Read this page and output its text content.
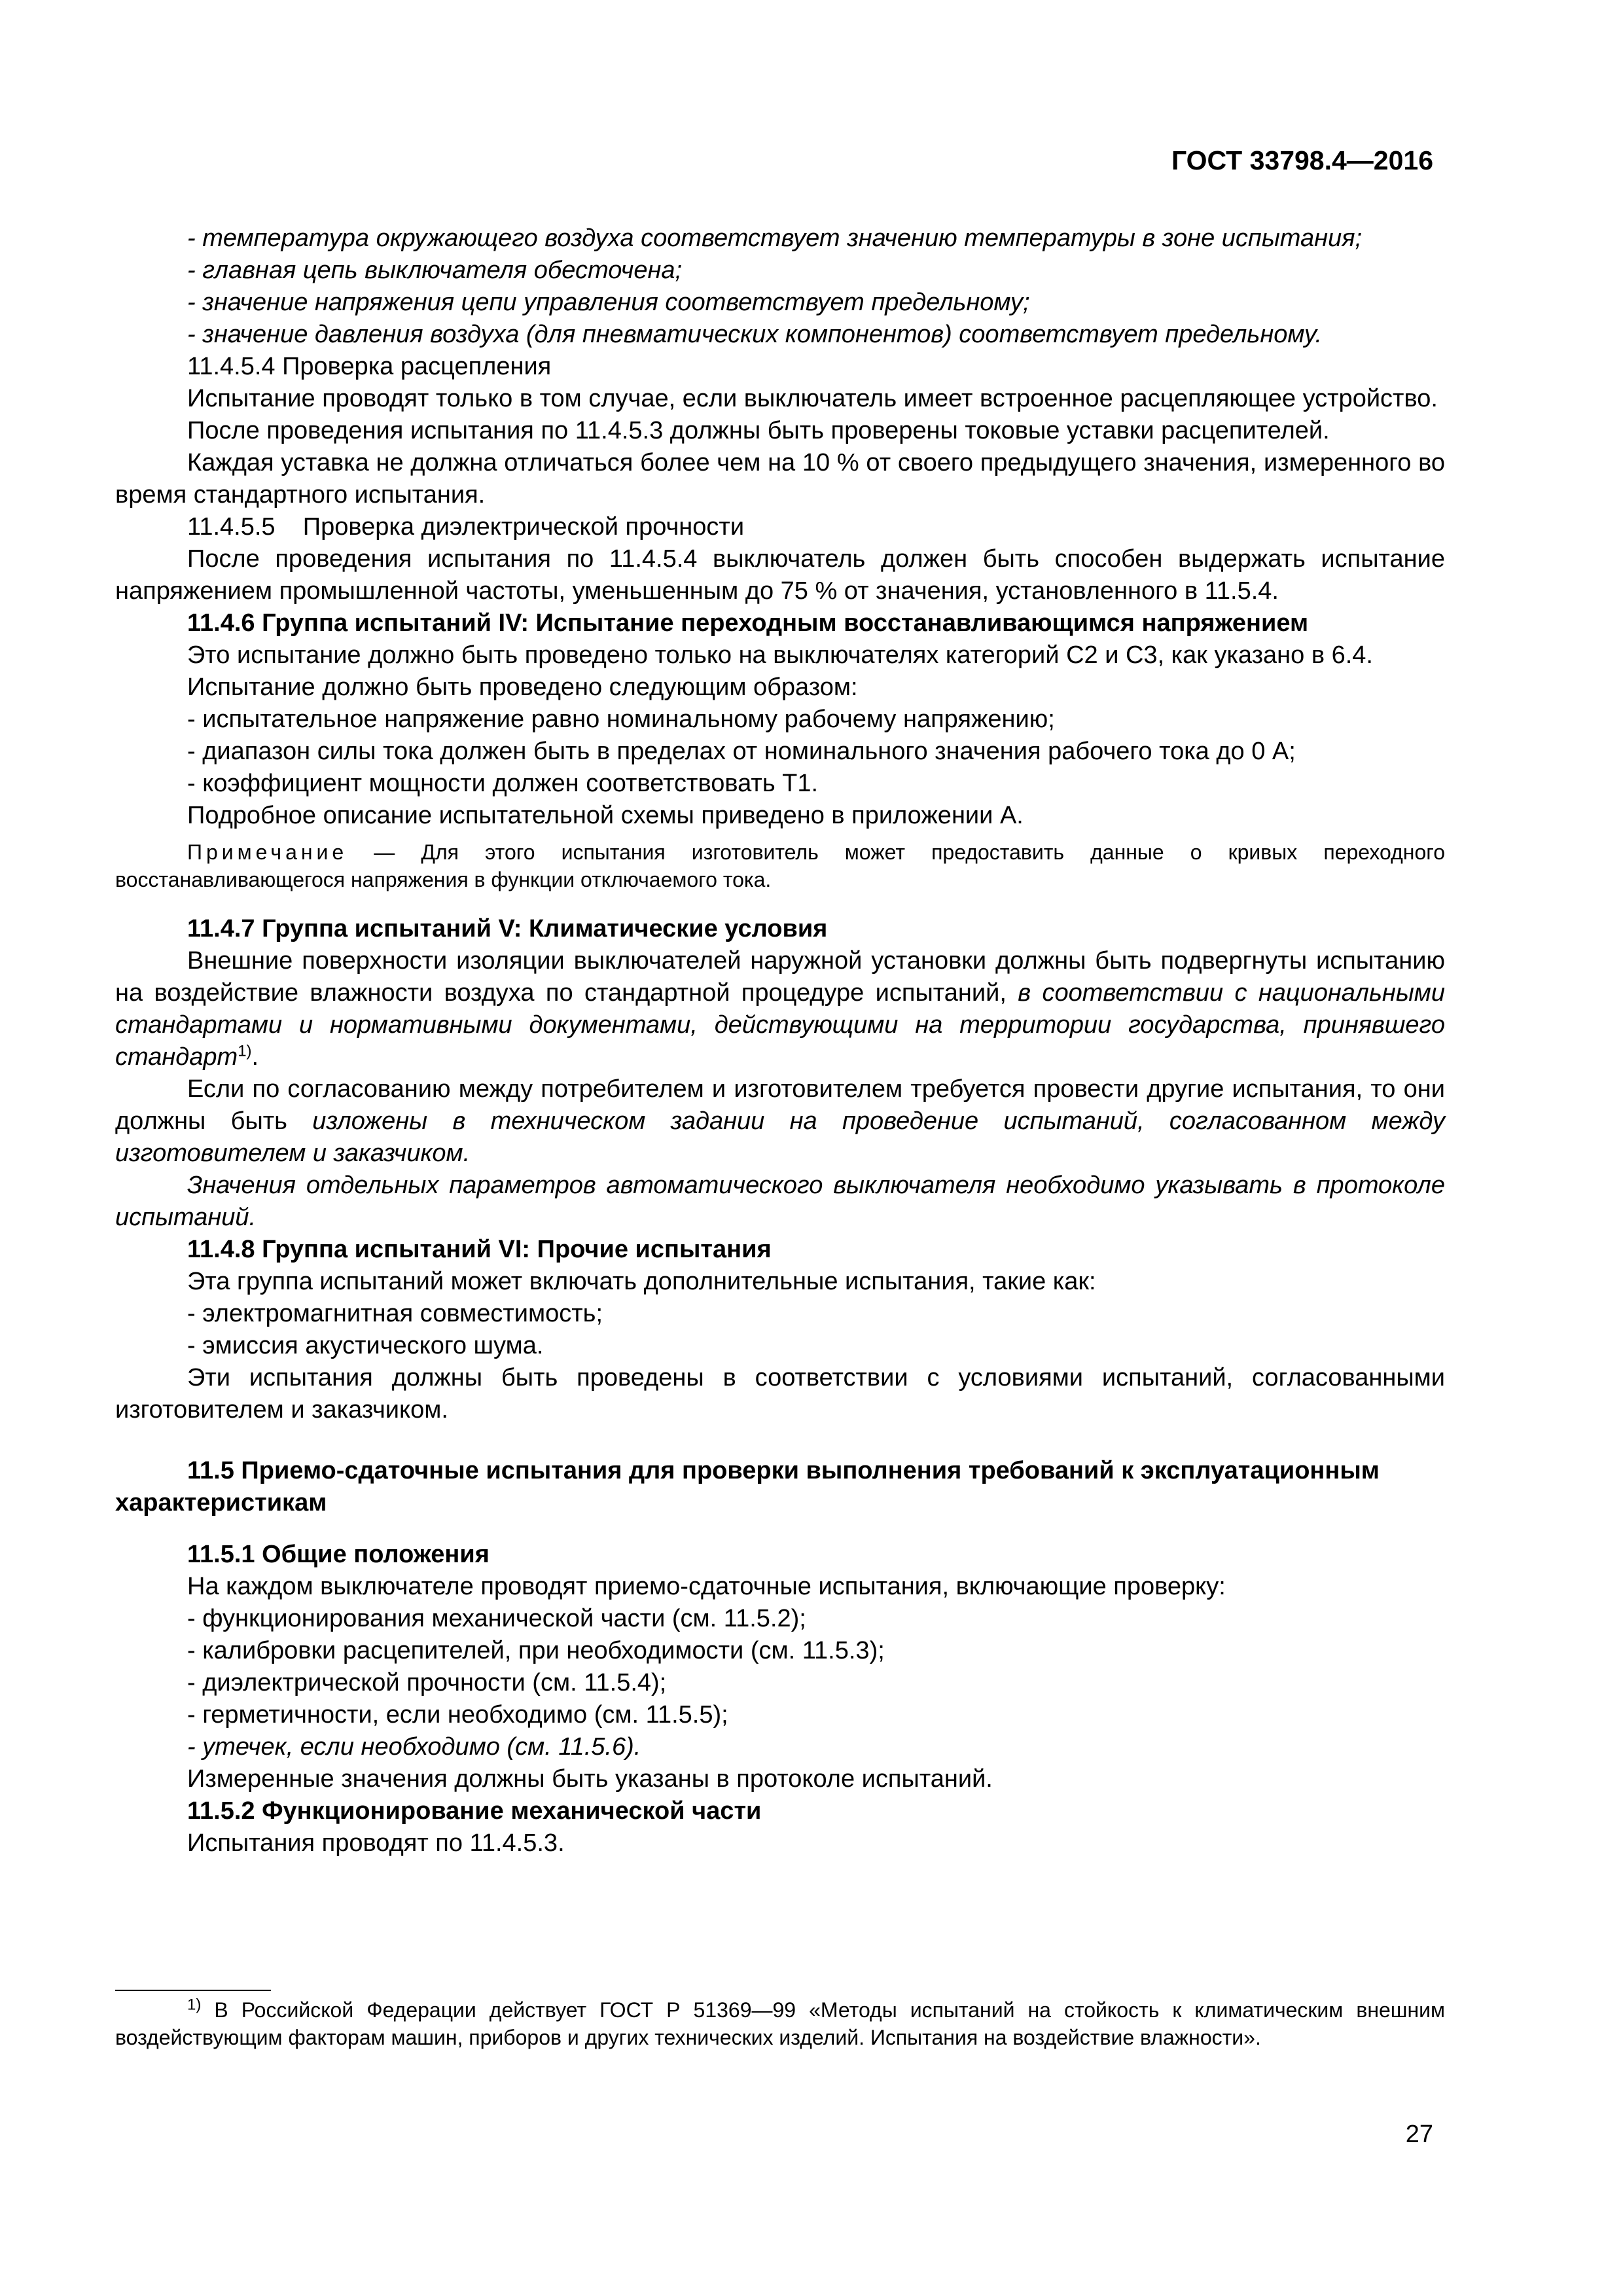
ГОСТ 33798.4—2016

- температура окружающего воздуха соответствует значению температуры в зоне испытания;

- главная цепь выключателя обесточена;

- значение напряжения цепи управления соответствует предельному;

- значение давления воздуха (для пневматических компонентов) соответствует предельному.

11.4.5.4 Проверка расцепления

Испытание проводят только в том случае, если выключатель имеет встроенное расцепляющее устройство.

После проведения испытания по 11.4.5.3 должны быть проверены токовые уставки расцепителей.

Каждая уставка не должна отличаться более чем на 10 % от своего предыдущего значения, измеренного во время стандартного испытания.

11.4.5.5    Проверка диэлектрической прочности

После проведения испытания по 11.4.5.4 выключатель должен быть способен выдержать испытание напряжением промышленной частоты, уменьшенным до 75 % от значения, установленного в 11.5.4.

11.4.6 Группа испытаний IV: Испытание переходным восстанавливающимся напряжением

Это испытание должно быть проведено только на выключателях категорий С2 и С3, как указано в 6.4.

Испытание должно быть проведено следующим образом:

- испытательное напряжение равно номинальному рабочему напряжению;

- диапазон силы тока должен быть в пределах от номинального значения рабочего тока до 0 А;

- коэффициент мощности должен соответствовать Т1.

Подробное описание испытательной схемы приведено в приложении А.

Примечание — Для этого испытания изготовитель может предоставить данные о кривых переходного восстанавливающегося напряжения в функции отключаемого тока.

11.4.7 Группа испытаний V: Климатические условия

Внешние поверхности изоляции выключателей наружной установки должны быть подвергнуты испытанию на воздействие влажности воздуха по стандартной процедуре испытаний, в соответствии с национальными стандартами и нормативными документами, действующими на территории государства, принявшего стандарт$^{1)}$.

Если по согласованию между потребителем и изготовителем требуется провести другие испытания, то они должны быть изложены в техническом задании на проведение испытаний, согласованном между изготовителем и заказчиком.

Значения отдельных параметров автоматического выключателя необходимо указывать в протоколе испытаний.

11.4.8 Группа испытаний VI: Прочие испытания

Эта группа испытаний может включать дополнительные испытания, такие как:

- электромагнитная совместимость;

- эмиссия акустического шума.

Эти испытания должны быть проведены в соответствии с условиями испытаний, согласованными изготовителем и заказчиком.

11.5 Приемо-сдаточные испытания для проверки выполнения требований к эксплуатационным характеристикам

11.5.1 Общие положения

На каждом выключателе проводят приемо-сдаточные испытания, включающие проверку:

- функционирования механической части (см. 11.5.2);

- калибровки расцепителей, при необходимости (см. 11.5.3);

- диэлектрической прочности (см. 11.5.4);

- герметичности, если необходимо (см. 11.5.5);

- утечек, если необходимо (см. 11.5.6).

Измеренные значения должны быть указаны в протоколе испытаний.

11.5.2 Функционирование механической части

Испытания проводят по 11.4.5.3.

$^{1)}$ В Российской Федерации действует ГОСТ Р 51369—99 «Методы испытаний на стойкость к климатическим внешним воздействующим факторам машин, приборов и других технических изделий. Испытания на воздействие влажности».

27
